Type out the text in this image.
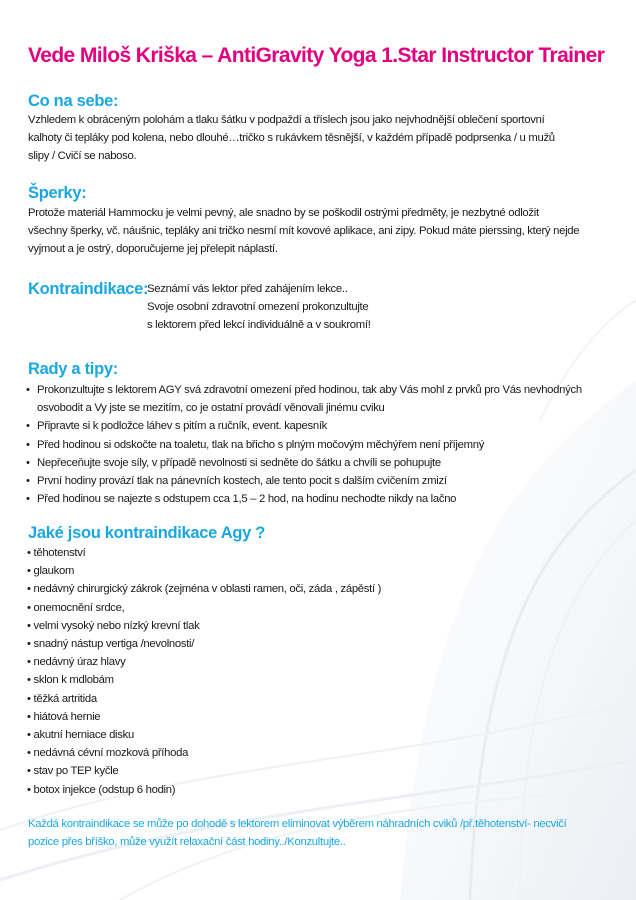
Vede Miloš Kriška – AntiGravity Yoga 1.Star Instructor Trainer
Co na sebe:
Vzhledem k obráceným polohám a tlaku šátku v podpaždí a tříslech jsou jako nejvhodnější oblečení sportovní
kalhoty či tepláky pod kolena, nebo dlouhé…tričko s rukávkem těsnější, v každém případě podprsenka / u mužů
slipy / Cvičí se naboso.
Šperky:
Protože materiál Hammocku je velmi pevný, ale snadno by se poškodil ostrými předměty, je nezbytné odložit
všechny šperky, vč. náušnic, tepláky ani tričko nesmí mít kovové aplikace, ani zipy. Pokud máte pierssing, který nejde
vyjmout a je ostrý, doporučujeme jej přelepit náplastí.
Kontraindikace:
Seznámí vás lektor před zahájením lekce..
Svoje osobní zdravotní omezení prokonzultujte
s lektorem před lekcí individuálně a v soukromí!
Rady a tipy:
• Prokonzultujte s lektorem AGY svá zdravotní omezení před hodinou, tak aby Vás mohl z prvků pro Vás nevhodných
osvobodit a Vy jste se mezitím, co je ostatní provádí věnovali jinému cviku
• Připravte si k podložce láhev s pitím a ručník, event. kapesník
• Před hodinou si odskočte na toaletu, tlak na břicho s plným močovým měchýřem není příjemný
• Nepřeceňujte svoje síly, v případě nevolnosti si sedněte do šátku a chvíli se pohupujte
• První hodiny provází tlak na pánevních kostech, ale tento pocit s dalším cvičením zmizí
• Před hodinou se najezte s odstupem cca 1,5 – 2 hod, na hodinu nechodte nikdy na lačno
Jaké jsou kontraindikace Agy ?
• těhotenství
• glaukom
• nedávný chirurgický zákrok (zejména v oblasti ramen, oči, záda , zápěstí )
• onemocnění srdce,
• velmi vysoký nebo nízký krevní tlak
• snadný nástup vertiga /nevolnosti/
• nedávný úraz hlavy
• sklon k mdlobám
• těžká artritida
• hiátová hernie
• akutní herniace disku
• nedávná cévní mozková příhoda
• stav po TEP kyčle
• botox injekce (odstup 6 hodin)
Každá kontraindikace se může po dohodě s lektorem eliminovat výběrem náhradních cviků /př.těhotenství- necvičí
pozice přes bříško, může využít relaxační část hodiny../Konzultujte..
